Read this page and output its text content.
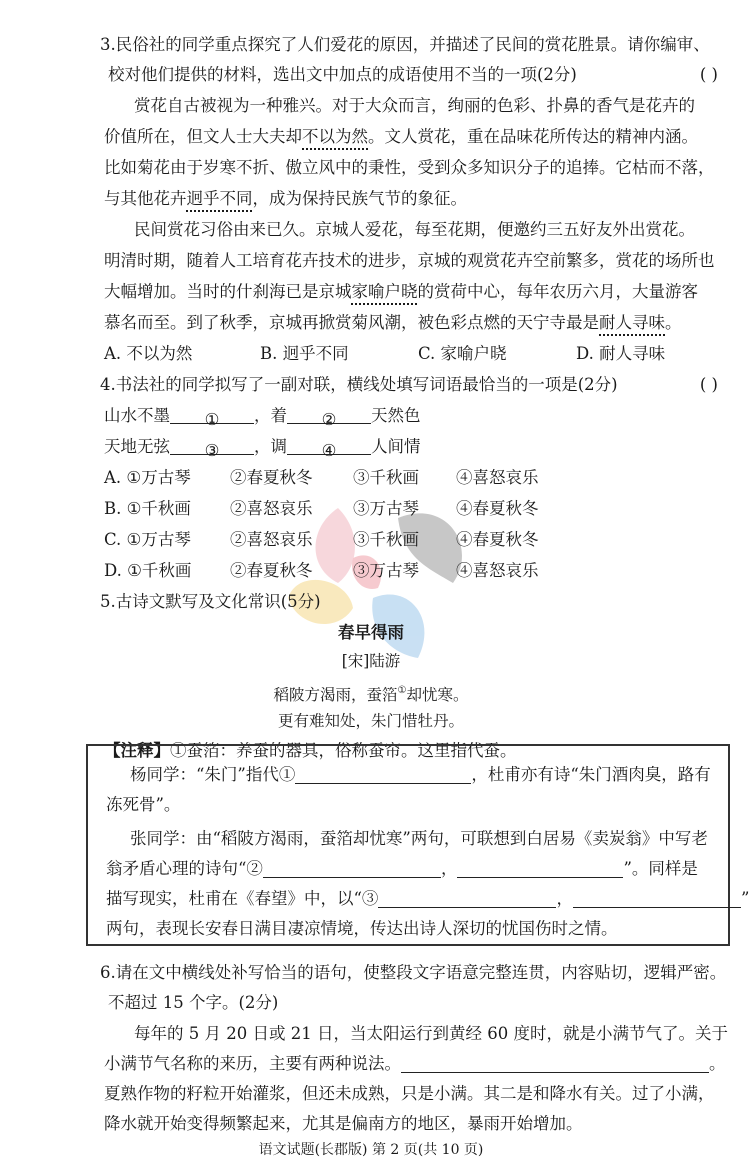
3.民俗社的同学重点探究了人们爱花的原因，并描述了民间的赏花胜景。请你编审、
校对他们提供的材料，选出文中加点的成语使用不当的一项(2分)	( )
赏花自古被视为一种雅兴。对于大众而言，绚丽的色彩、扑鼻的香气是花卉的
价值所在，但文人士大夫却不以为然。文人赏花，重在品味花所传达的精神内涵。
比如菊花由于岁寒不折、傲立风中的秉性，受到众多知识分子的追捧。它枯而不落，
与其他花卉迥乎不同，成为保持民族气节的象征。
民间赏花习俗由来已久。京城人爱花，每至花期，便邀约三五好友外出赏花。
明清时期，随着人工培育花卉技术的进步，京城的观赏花卉空前繁多，赏花的场所也
大幅增加。当时的什刹海已是京城家喻户晓的赏荷中心，每年农历六月，大量游客
慕名而至。到了秋季，京城再掀赏菊风潮，被色彩点燃的天宁寺最是耐人寻味。
A. 不以为然	B. 迥乎不同	C. 家喻户晓	D. 耐人寻味
4.书法社的同学拟写了一副对联，横线处填写词语最恰当的一项是(2分)	( )
山水不墨 ① ，着 ② 天然色
天地无弦 ③ ，调 ④ 人间情
A. ①万古琴 ②春夏秋冬 ③千秋画 ④喜怒哀乐
B. ①千秋画 ②喜怒哀乐 ③万古琴 ④春夏秋冬
C. ①万古琴 ②喜怒哀乐 ③千秋画 ④春夏秋冬
D. ①千秋画 ②春夏秋冬 ③万古琴 ④喜怒哀乐
5.古诗文默写及文化常识(5分)
春早得雨
[宋]陆游
稻陂方渴雨，蚕箔①却忧寒。
更有难知处，朱门惜牡丹。
【注释】①蚕箔：养蚕的器具，俗称蚕帘。这里指代蚕。
杨同学：“朱门”指代①	，杜甫亦有诗“朱门酒肉臭，路有
冻死骨”。
张同学：由“稻陂方渴雨，蚕箔却忧寒”两句，可联想到白居易《卖炭翁》中写老
翁矛盾心理的诗句“②	，	”。同样是
描写现实，杜甫在《春望》中，以“③	，	”
两句，表现长安春日满目凄凉情境，传达出诗人深切的忧国伤时之情。
6.请在文中横线处补写恰当的语句，使整段文字语意完整连贯，内容贴切，逻辑严密。
不超过 15 个字。(2分)
每年的 5 月 20 日或 21 日，当太阳运行到黄经 60 度时，就是小满节气了。关于
小满节气名称的来历，主要有两种说法。	。
夏熟作物的籽粒开始灌浆，但还未成熟，只是小满。其二是和降水有关。过了小满，
降水就开始变得频繁起来，尤其是偏南方的地区，暴雨开始增加。
语文试题(长郡版) 第 2 页(共 10 页)
